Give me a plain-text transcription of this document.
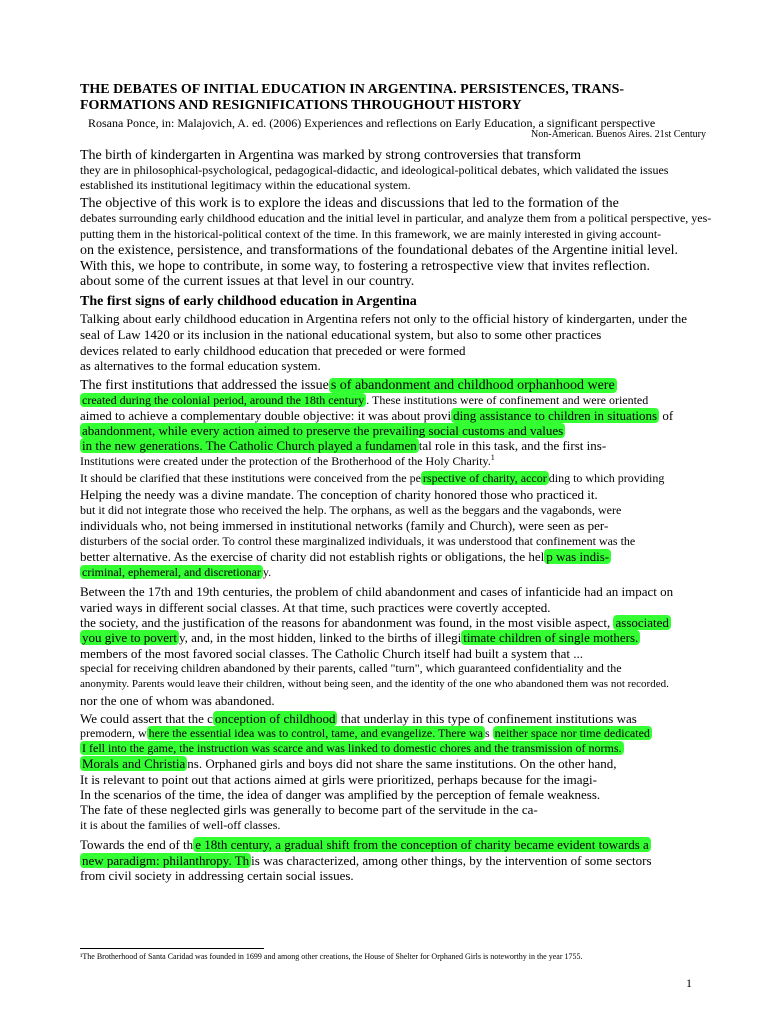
THE DEBATES OF INITIAL EDUCATION IN ARGENTINA. PERSISTENCES, TRANS-
FORMATIONS AND RESIGNIFICATIONS THROUGHOUT HISTORY
Rosana Ponce, in: Malajovich, A. ed. (2006) Experiences and reflections on Early Education, a significant perspective
Non-American. Buenos Aires. 21st Century
The birth of kindergarten in Argentina was marked by strong controversies that transform
they are in philosophical-psychological, pedagogical-didactic, and ideological-political debates, which validated the issues
established its institutional legitimacy within the educational system.
The objective of this work is to explore the ideas and discussions that led to the formation of the
debates surrounding early childhood education and the initial level in particular, and analyze them from a political perspective, yes-
putting them in the historical-political context of the time. In this framework, we are mainly interested in giving account-
on the existence, persistence, and transformations of the foundational debates of the Argentine initial level.
With this, we hope to contribute, in some way, to fostering a retrospective view that invites reflection.
about some of the current issues at that level in our country.
The first signs of early childhood education in Argentina
Talking about early childhood education in Argentina refers not only to the official history of kindergarten, under the
seal of Law 1420 or its inclusion in the national educational system, but also to some other practices
devices related to early childhood education that preceded or were formed
as alternatives to the formal education system.
The first institutions that addressed the issue s of abandonment and childhood orphanhood were
created during the colonial period, around the 18th century . These institutions were of confinement and were oriented
aimed to achieve a complementary double objective: it was about provi ding assistance to children in situations of
abandonment, while every action aimed to preserve the prevailing social customs and values
in the new generations. The Catholic Church played a fundamen tal role in this task, and the first ins-
Institutions were created under the protection of the Brotherhood of the Holy Charity.$^1$
It should be clarified that these institutions were conceived from the pe rspective of charity, accor ding to which providing
Helping the needy was a divine mandate. The conception of charity honored those who practiced it.
but it did not integrate those who received the help. The orphans, as well as the beggars and the vagabonds, were
individuals who, not being immersed in institutional networks (family and Church), were seen as per-
disturbers of the social order. To control these marginalized individuals, it was understood that confinement was the
better alternative. As the exercise of charity did not establish rights or obligations, the hel p was indis-
criminal, ephemeral, and discretionar y.
Between the 17th and 19th centuries, the problem of child abandonment and cases of infanticide had an impact on
varied ways in different social classes. At that time, such practices were covertly accepted.
the society, and the justification of the reasons for abandonment was found, in the most visible aspect, associated
you give to povert y, and, in the most hidden, linked to the births of illegi timate children of single mothers.
members of the most favored social classes. The Catholic Church itself had built a system that ...
special for receiving children abandoned by their parents, called "turn", which guaranteed confidentiality and the
anonymity. Parents would leave their children, without being seen, and the identity of the one who abandoned them was not recorded.
nor the one of whom was abandoned.
We could assert that the c onception of childhood that underlay in this type of confinement institutions was
premodern, w here the essential idea was to control, tame, and evangelize. There wa s neither space nor time dedicated
I fell into the game, the instruction was scarce and was linked to domestic chores and the transmission of norms.
Morals and Christia ns. Orphaned girls and boys did not share the same institutions. On the other hand,
It is relevant to point out that actions aimed at girls were prioritized, perhaps because for the imagi-
In the scenarios of the time, the idea of danger was amplified by the perception of female weakness.
The fate of these neglected girls was generally to become part of the servitude in the ca-
it is about the families of well-off classes.
Towards the end of th e 18th century, a gradual shift from the conception of charity became evident towards a
new paradigm: philanthropy. Th is was characterized, among other things, by the intervention of some sectors
from civil society in addressing certain social issues.
¹The Brotherhood of Santa Caridad was founded in 1699 and among other creations, the House of Shelter for Orphaned Girls is noteworthy in the year 1755.
1
